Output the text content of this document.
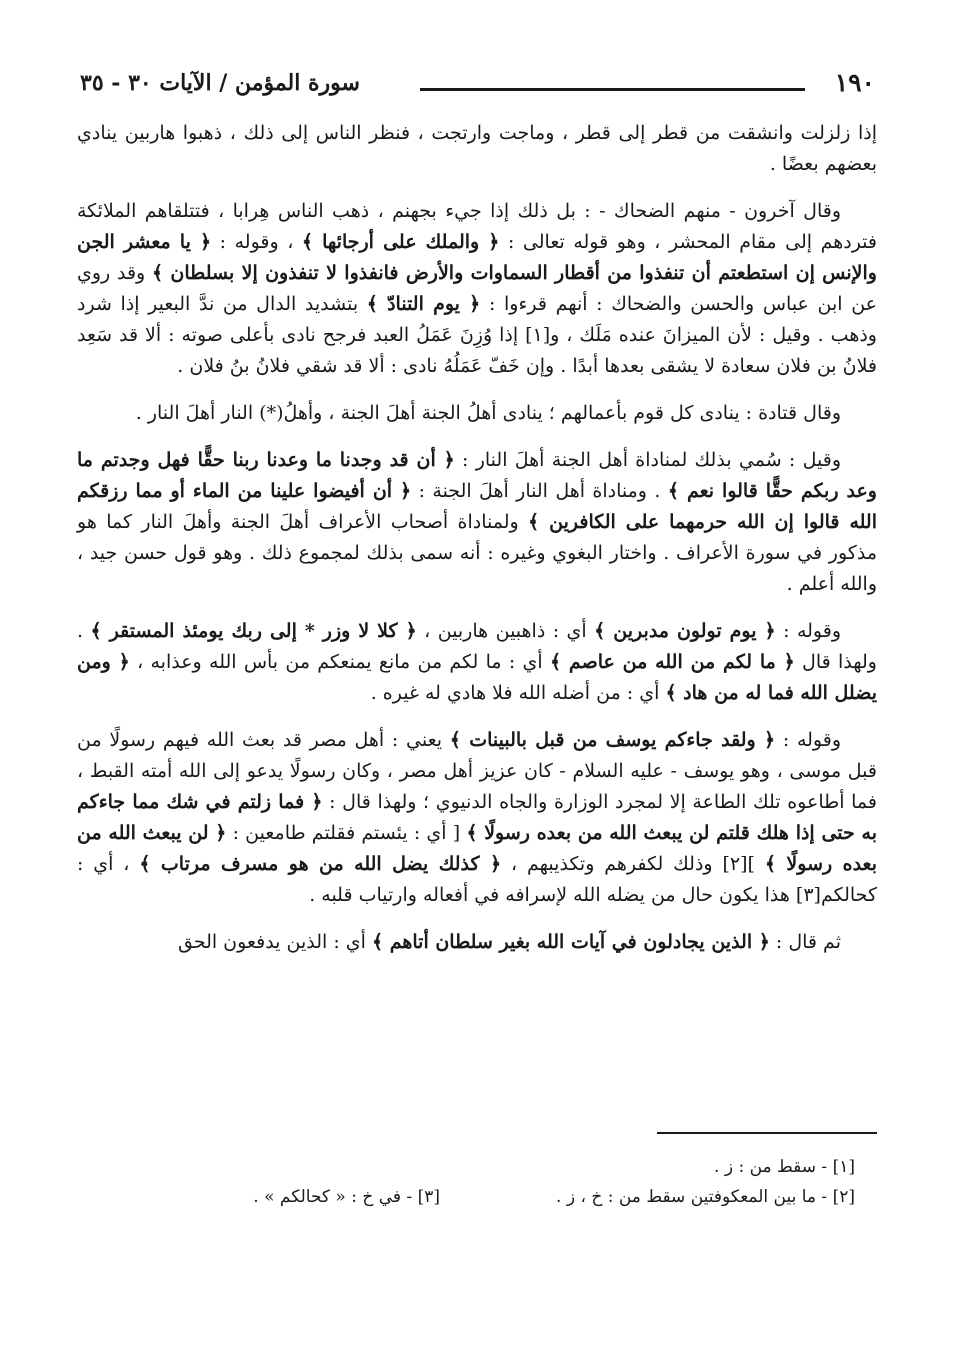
١٩٠
سورة المؤمن / الآيات ٣٠ - ٣٥

إذا زلزلت وانشقت من قطر إلى قطر ، وماجت وارتجت ، فنظر الناس إلى ذلك ، ذهبوا هاربين ينادي بعضهم بعضًا .

وقال آخرون - منهم الضحاك - : بل ذلك إذا جيء بجهنم ، ذهب الناس هِرابا ، فتتلقاهم الملائكة فتردهم إلى مقام المحشر ، وهو قوله تعالى : ﴿ والملك على أرجائها ﴾ ، وقوله : ﴿ يا معشر الجن والإنس إن استطعتم أن تنفذوا من أقطار السماوات والأرض فانفذوا لا تنفذون إلا بسلطان ﴾ وقد روي عن ابن عباس والحسن والضحاك : أنهم قرءوا : ﴿ يوم التنادّ ﴾ بتشديد الدال من ندَّ البعير إذا شرد وذهب . وقيل : لأن الميزانَ عنده مَلَك ، و[١] إذا وُزِنَ عَمَلُ العبد فرجح نادى بأعلى صوته : ألا قد سَعِد فلانُ بن فلان سعادة لا يشقى بعدها أبدًا . وإن خَفّ عَمَلُهُ نادى : ألا قد شقي فلانُ بنُ فلان .

وقال قتادة : ينادى كل قوم بأعمالهم ؛ ينادى أهلُ الجنة أهلَ الجنة ، وأهلُ(*) النار أهلَ النار .

وقيل : سُمي بذلك لمناداة أهل الجنة أهلَ النار : ﴿ أن قد وجدنا ما وعدنا ربنا حقًّا فهل وجدتم ما وعد ربكم حقًّا قالوا نعم ﴾ . ومناداة أهل النار أهلَ الجنة : ﴿ أن أفيضوا علينا من الماء أو مما رزقكم الله قالوا إن الله حرمهما على الكافرين ﴾ ولمناداة أصحاب الأعراف أهلَ الجنة وأهلَ النار كما هو مذكور في سورة الأعراف . واختار البغوي وغيره : أنه سمى بذلك لمجموع ذلك . وهو قول حسن جيد ، والله أعلم .

وقوله : ﴿ يوم تولون مدبرين ﴾ أي : ذاهبين هاربين ، ﴿ كلا لا وزر * إلى ربك يومئذ المستقر ﴾ . ولهذا قال ﴿ ما لكم من الله من عاصم ﴾ أي : ما لكم من مانع يمنعكم من بأس الله وعذابه ، ﴿ ومن يضلل الله فما له من هاد ﴾ أي : من أضله الله فلا هادي له غيره .

وقوله : ﴿ ولقد جاءكم يوسف من قبل بالبينات ﴾ يعني : أهل مصر قد بعث الله فيهم رسولًا من قبل موسى ، وهو يوسف - عليه السلام - كان عزيز أهل مصر ، وكان رسولًا يدعو إلى الله أمته القبط ، فما أطاعوه تلك الطاعة إلا لمجرد الوزارة والجاه الدنيوي ؛ ولهذا قال : ﴿ فما زلتم في شك مما جاءكم به حتى إذا هلك قلتم لن يبعث الله من بعده رسولًا ﴾ [ أي : يئستم فقلتم طامعين : ﴿ لن يبعث الله من بعده رسولًا ﴾ ][٢] وذلك لكفرهم وتكذيبهم ، ﴿ كذلك يضل الله من هو مسرف مرتاب ﴾ ، أي : كحالكم[٣] هذا يكون حال من يضله الله لإسرافه في أفعاله وارتياب قلبه .

ثم قال : ﴿ الذين يجادلون في آيات الله بغير سلطان أتاهم ﴾ أي : الذين يدفعون الحق

[١] - سقط من : ز .
[٢] - ما بين المعكوفتين سقط من : خ ، ز .
[٣] - في خ : « كحالكم » .
